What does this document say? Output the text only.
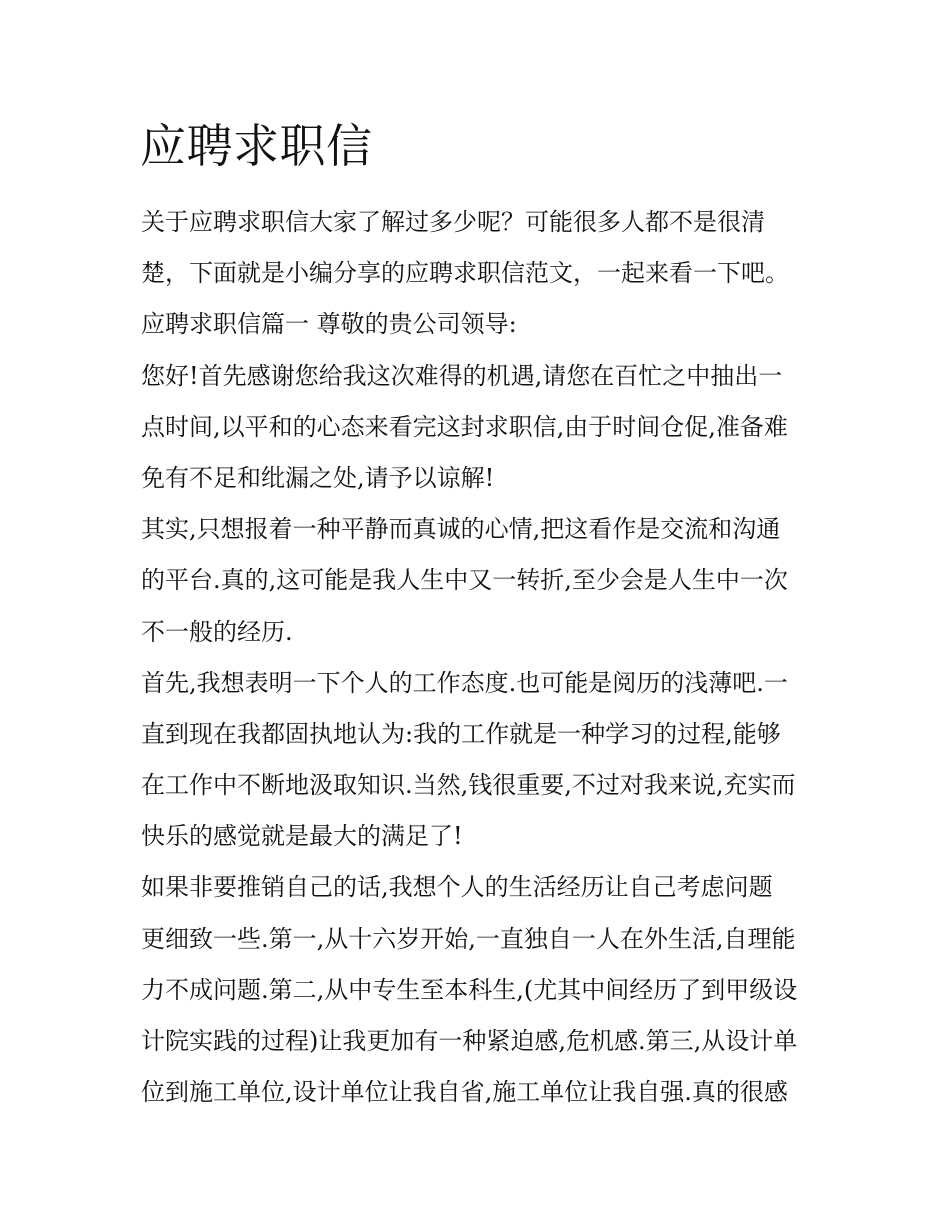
应聘求职信
关于应聘求职信大家了解过多少呢？可能很多人都不是很清
楚，下面就是小编分享的应聘求职信范文，一起来看一下吧。
应聘求职信篇一 尊敬的贵公司领导:
您好!首先感谢您给我这次难得的机遇,请您在百忙之中抽出一
点时间,以平和的心态来看完这封求职信,由于时间仓促,准备难
免有不足和纰漏之处,请予以谅解!
其实,只想报着一种平静而真诚的心情,把这看作是交流和沟通
的平台.真的,这可能是我人生中又一转折,至少会是人生中一次
不一般的经历.
首先,我想表明一下个人的工作态度.也可能是阅历的浅薄吧.一
直到现在我都固执地认为:我的工作就是一种学习的过程,能够
在工作中不断地汲取知识.当然,钱很重要,不过对我来说,充实而
快乐的感觉就是最大的满足了!
如果非要推销自己的话,我想个人的生活经历让自己考虑问题
更细致一些.第一,从十六岁开始,一直独自一人在外生活,自理能
力不成问题.第二,从中专生至本科生,(尤其中间经历了到甲级设
计院实践的过程)让我更加有一种紧迫感,危机感.第三,从设计单
位到施工单位,设计单位让我自省,施工单位让我自强.真的很感
